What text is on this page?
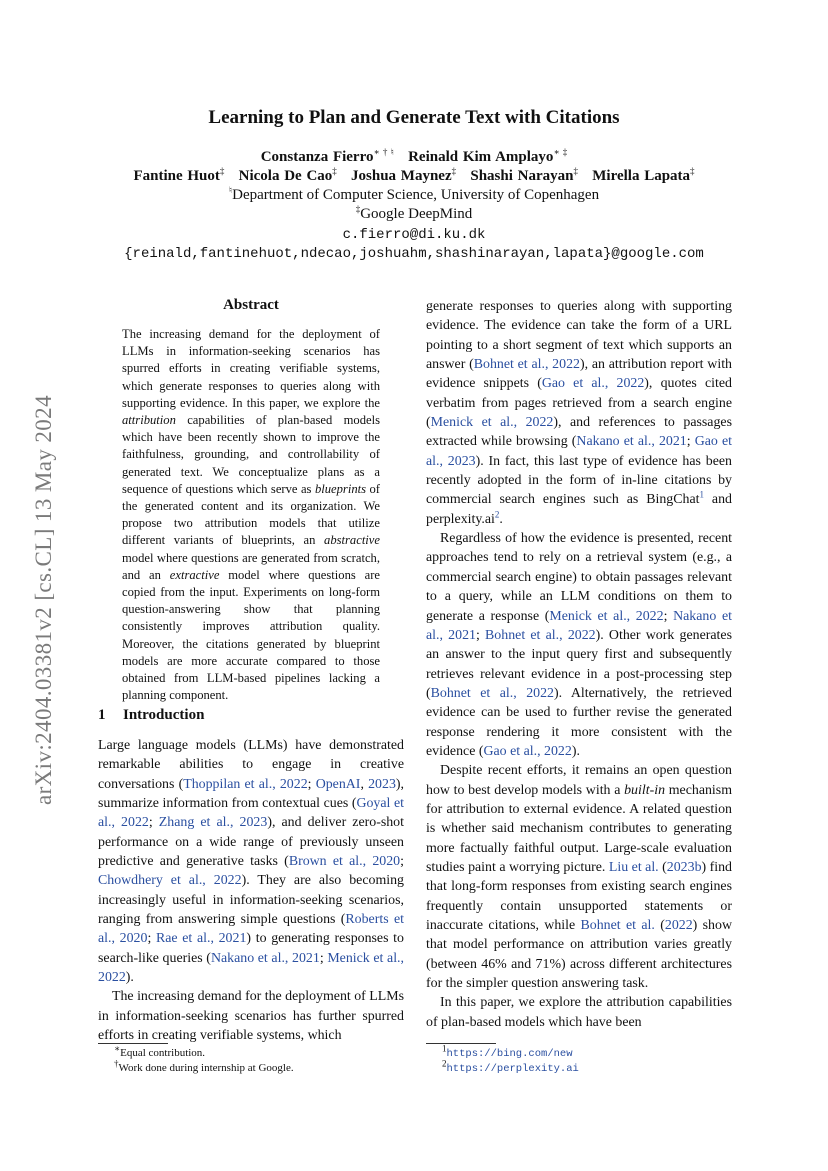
arXiv:2404.03381v2 [cs.CL] 13 May 2024
Learning to Plan and Generate Text with Citations
Constanza Fierro∗ † ♮ Reinald Kim Amplayo∗ ‡
Fantine Huot‡ Nicola De Cao‡ Joshua Maynez‡ Shashi Narayan‡ Mirella Lapata‡
♮Department of Computer Science, University of Copenhagen
‡Google DeepMind
c.fierro@di.ku.dk
{reinald,fantinehuot,ndecao,joshuahm,shashinarayan,lapata}@google.com
Abstract
The increasing demand for the deployment of LLMs in information-seeking scenarios has spurred efforts in creating verifiable systems, which generate responses to queries along with supporting evidence. In this paper, we explore the attribution capabilities of plan-based models which have been recently shown to improve the faithfulness, grounding, and controllability of generated text. We conceptualize plans as a sequence of questions which serve as blueprints of the generated content and its organization. We propose two attribution models that utilize different variants of blueprints, an abstractive model where questions are generated from scratch, and an extractive model where questions are copied from the input. Experiments on long-form question-answering show that planning consistently improves attribution quality. Moreover, the citations generated by blueprint models are more accurate compared to those obtained from LLM-based pipelines lacking a planning component.
1 Introduction

Large language models (LLMs) have demonstrated remarkable abilities to engage in creative conversations (Thoppilan et al., 2022; OpenAI, 2023), summarize information from contextual cues (Goyal et al., 2022; Zhang et al., 2023), and deliver zero-shot performance on a wide range of previously unseen predictive and generative tasks (Brown et al., 2020; Chowdhery et al., 2022). They are also becoming increasingly useful in information-seeking scenarios, ranging from answering simple questions (Roberts et al., 2020; Rae et al., 2021) to generating responses to search-like queries (Nakano et al., 2021; Menick et al., 2022).

The increasing demand for the deployment of LLMs in information-seeking scenarios has further spurred efforts in creating verifiable systems, which

generate responses to queries along with supporting evidence. The evidence can take the form of a URL pointing to a short segment of text which supports an answer (Bohnet et al., 2022), an attribution report with evidence snippets (Gao et al., 2022), quotes cited verbatim from pages retrieved from a search engine (Menick et al., 2022), and references to passages extracted while browsing (Nakano et al., 2021; Gao et al., 2023). In fact, this last type of evidence has been recently adopted in the form of in-line citations by commercial search engines such as BingChat$^1$ and perplexity.ai$^2$.

Regardless of how the evidence is presented, recent approaches tend to rely on a retrieval system (e.g., a commercial search engine) to obtain passages relevant to a query, while an LLM conditions on them to generate a response (Menick et al., 2022; Nakano et al., 2021; Bohnet et al., 2022). Other work generates an answer to the input query first and subsequently retrieves relevant evidence in a post-processing step (Bohnet et al., 2022). Alternatively, the retrieved evidence can be used to further revise the generated response rendering it more consistent with the evidence (Gao et al., 2022).

Despite recent efforts, it remains an open question how to best develop models with a built-in mechanism for attribution to external evidence. A related question is whether said mechanism contributes to generating more factually faithful output. Large-scale evaluation studies paint a worrying picture. Liu et al. (2023b) find that long-form responses from existing search engines frequently contain unsupported statements or inaccurate citations, while Bohnet et al. (2022) show that model performance on attribution varies greatly (between 46% and 71%) across different architectures for the simpler question answering task.

In this paper, we explore the attribution capabilities of plan-based models which have been

∗Equal contribution.
†Work done during internship at Google.
$^1$https://bing.com/new
$^2$https://perplexity.ai
